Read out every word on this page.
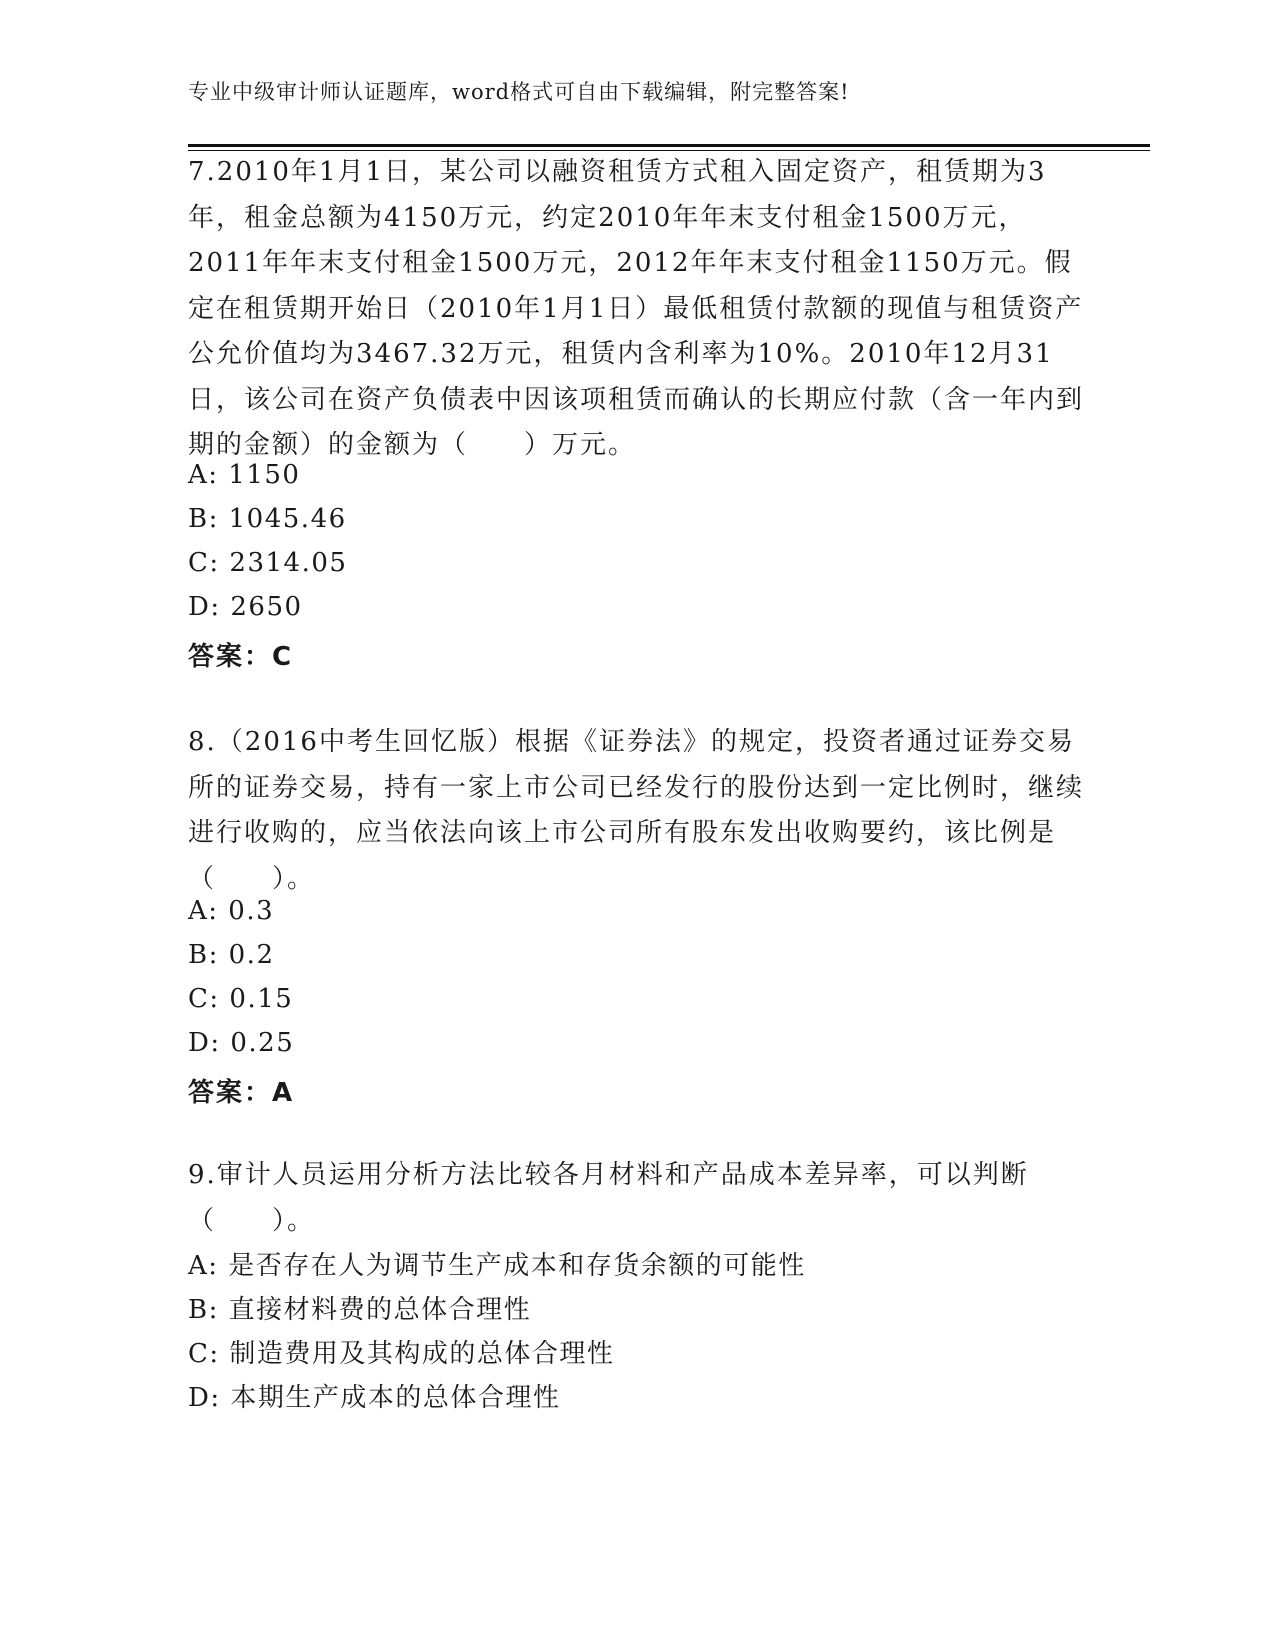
专业中级审计师认证题库，word格式可自由下载编辑，附完整答案!

7.2010年1月1日，某公司以融资租赁方式租入固定资产，租赁期为3年，租金总额为4150万元，约定2010年年末支付租金1500万元，2011年年末支付租金1500万元，2012年年末支付租金1150万元。假定在租赁期开始日（2010年1月1日）最低租赁付款额的现值与租赁资产公允价值均为3467.32万元，租赁内含利率为10%。2010年12月31日，该公司在资产负债表中因该项租赁而确认的长期应付款（含一年内到期的金额）的金额为（　　）万元。

A: 1150

B: 1045.46

C: 2314.05

D: 2650

答案：C

8.（2016中考生回忆版）根据《证券法》的规定，投资者通过证券交易所的证券交易，持有一家上市公司已经发行的股份达到一定比例时，继续进行收购的，应当依法向该上市公司所有股东发出收购要约，该比例是（　　）。

A: 0.3

B: 0.2

C: 0.15

D: 0.25

答案：A

9.审计人员运用分析方法比较各月材料和产品成本差异率，可以判断（　　）。

A: 是否存在人为调节生产成本和存货余额的可能性

B: 直接材料费的总体合理性

C: 制造费用及其构成的总体合理性

D: 本期生产成本的总体合理性
